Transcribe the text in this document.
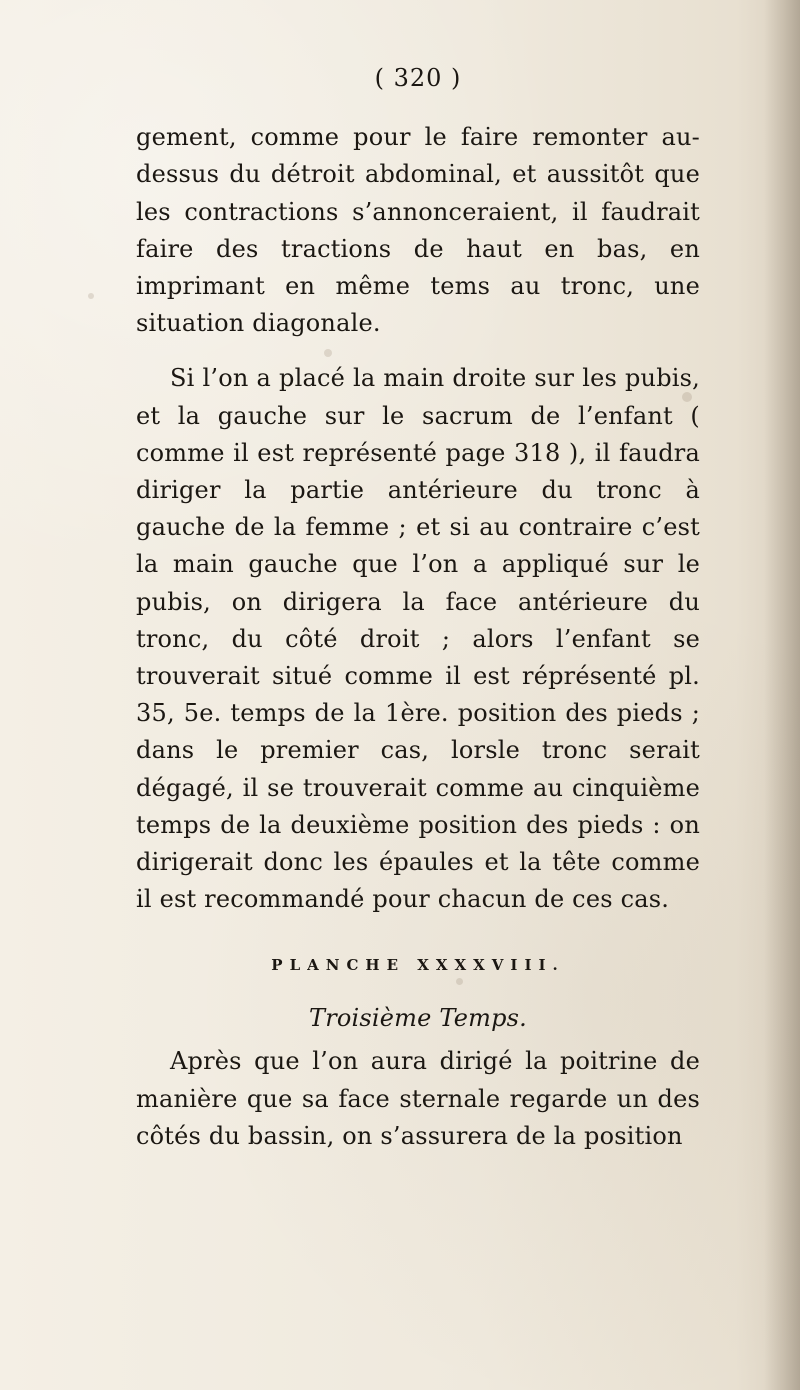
( 320 )

gement, comme pour le faire remonter au-dessus du détroit abdominal, et aussitôt que les contractions s’annonceraient, il faudrait faire des tractions de haut en bas, en imprimant en même tems au tronc, une situation diagonale.

Si l’on a placé la main droite sur les pubis, et la gauche sur le sacrum de l’enfant ( comme il est représenté page 318 ), il faudra diriger la partie antérieure du tronc à gauche de la femme ; et si au contraire c’est la main gauche que l’on a appliqué sur le pubis, on dirigera la face antérieure du tronc, du côté droit ; alors l’enfant se trouverait situé comme il est réprésenté pl. 35, 5e. temps de la 1ère. position des pieds ; dans le premier cas, lorsle tronc serait dégagé, il se trouverait comme au cinquième temps de la deuxième position des pieds : on dirigerait donc les épaules et la tête comme il est recommandé pour chacun de ces cas.

PLANCHE XXXXVIII.
Troisième Temps.

Après que l’on aura dirigé la poitrine de manière que sa face sternale regarde un des côtés du bassin, on s’assurera de la position
